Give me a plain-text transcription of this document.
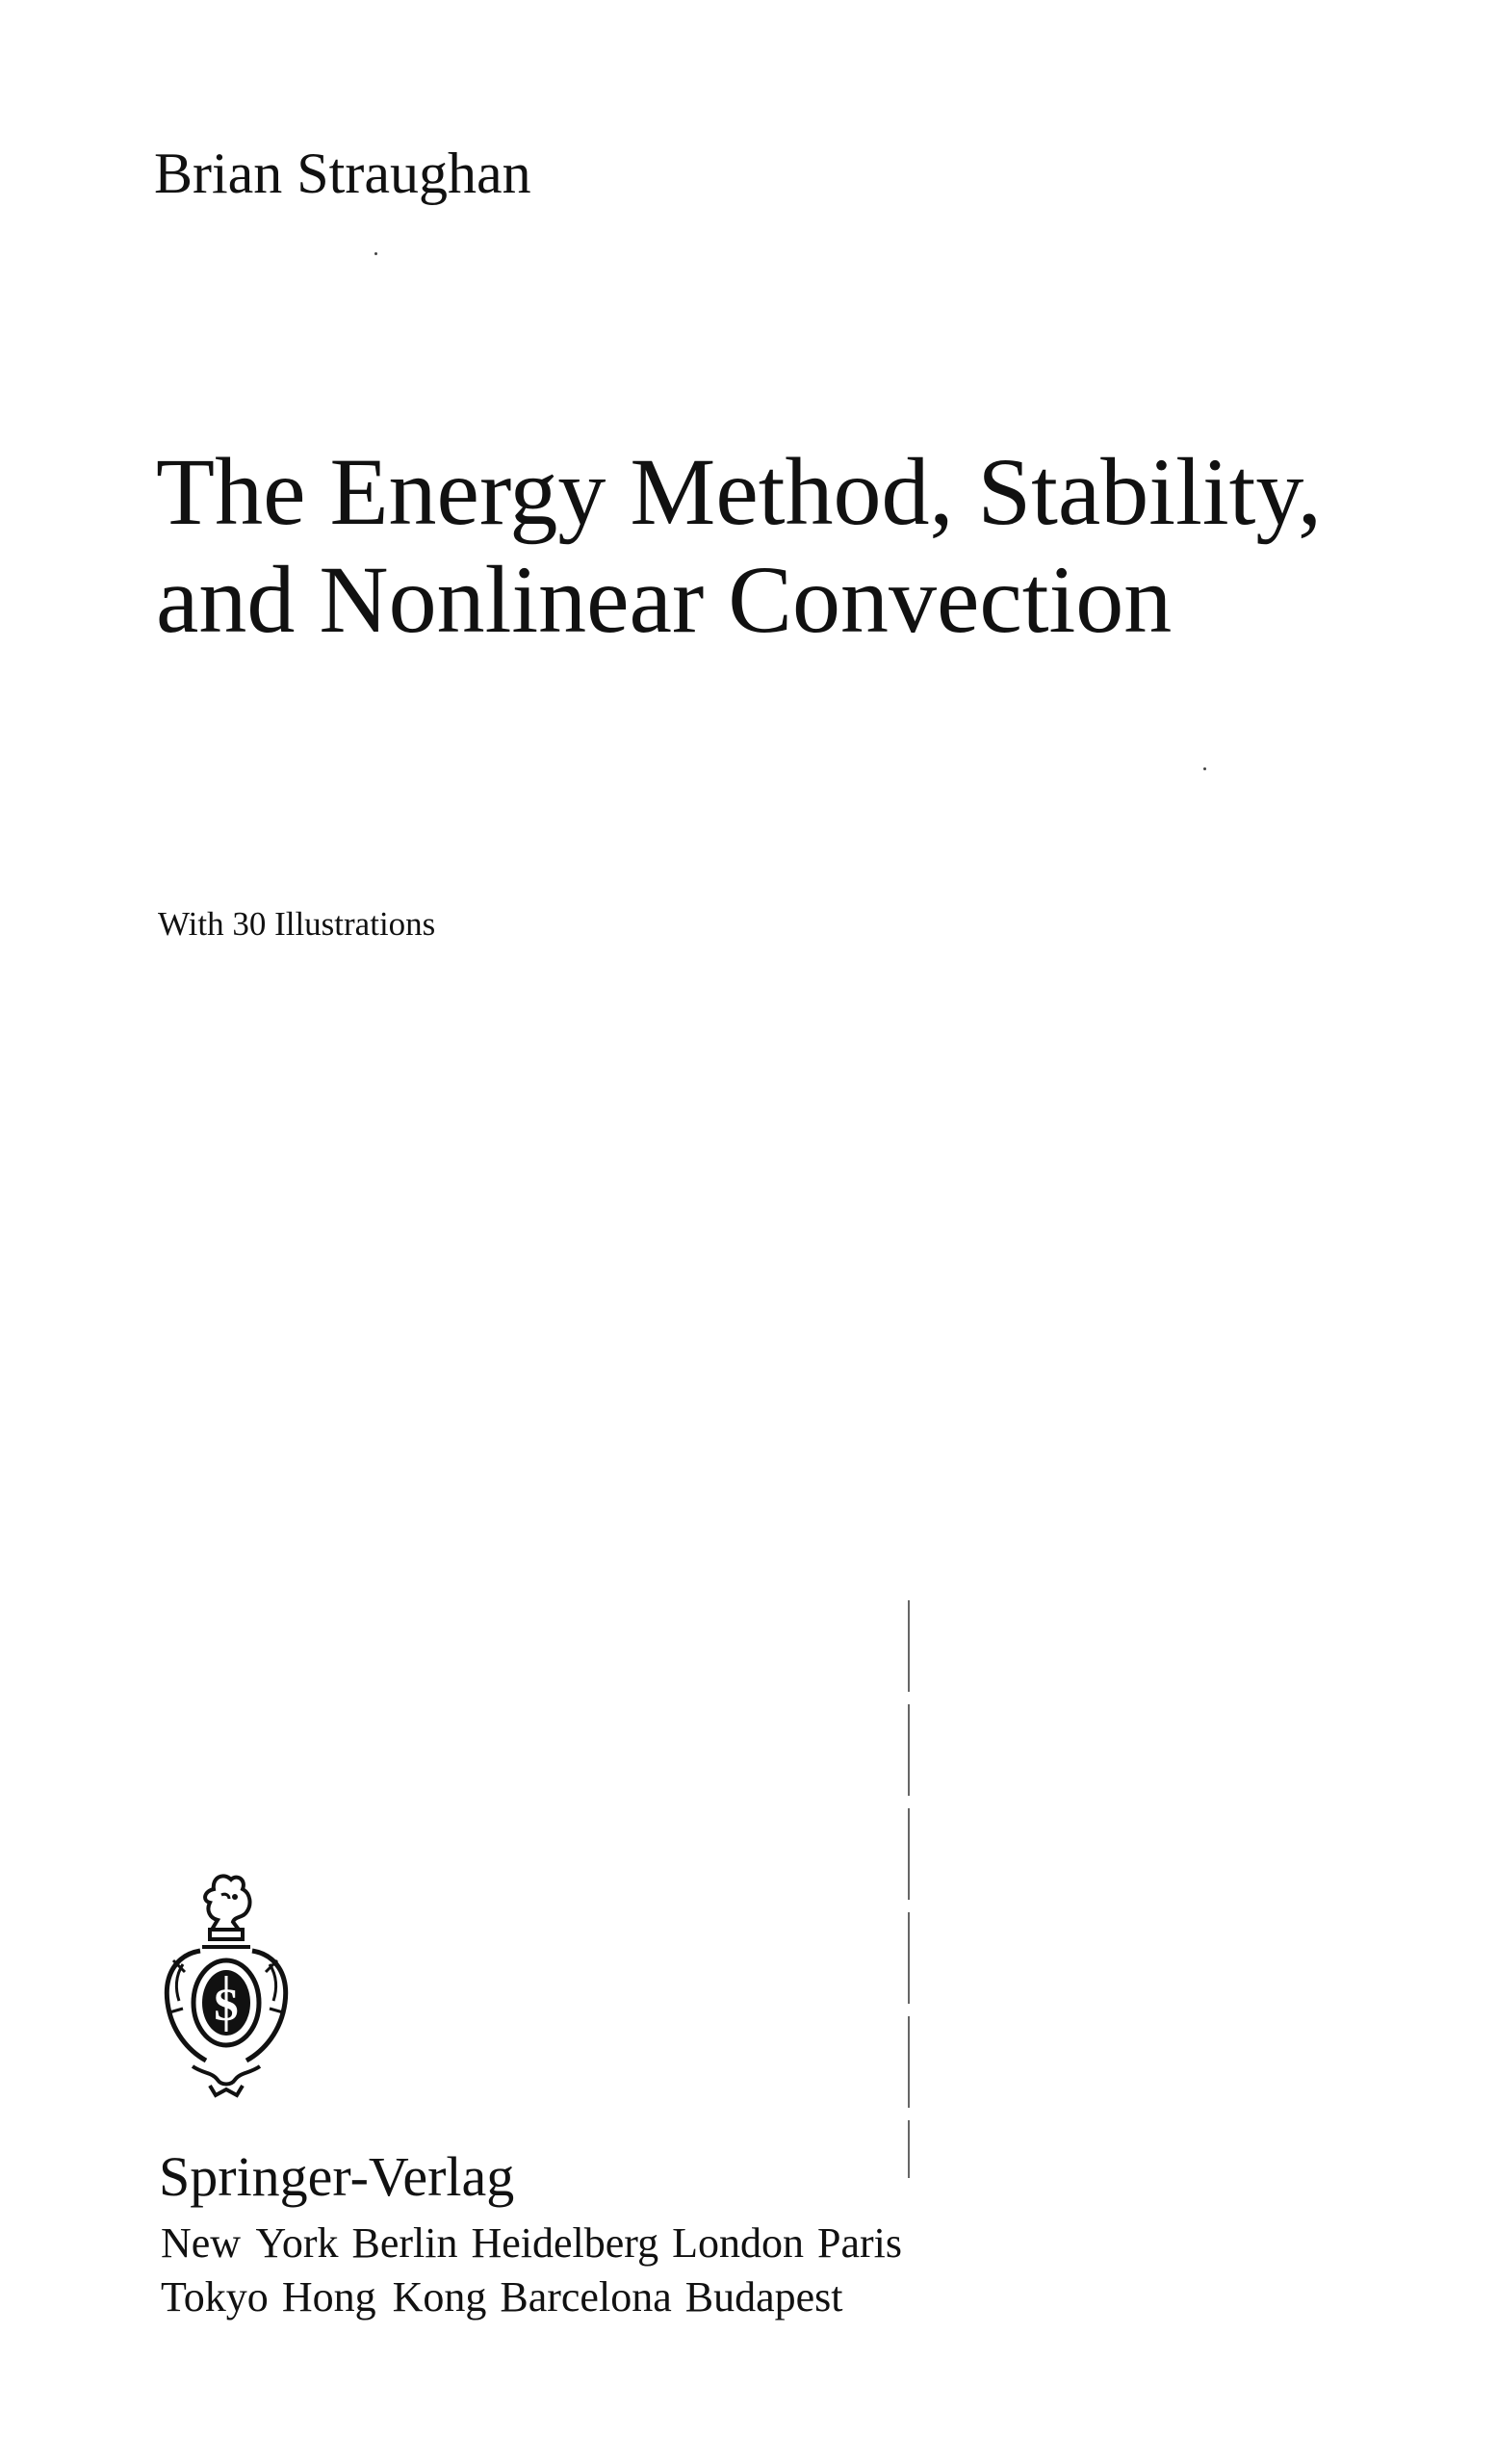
Brian Straughan
The Energy Method, Stability,
and Nonlinear Convection
With 30 Illustrations
S
Springer-Verlag
New York Berlin Heidelberg London Paris
Tokyo Hong Kong Barcelona Budapest
